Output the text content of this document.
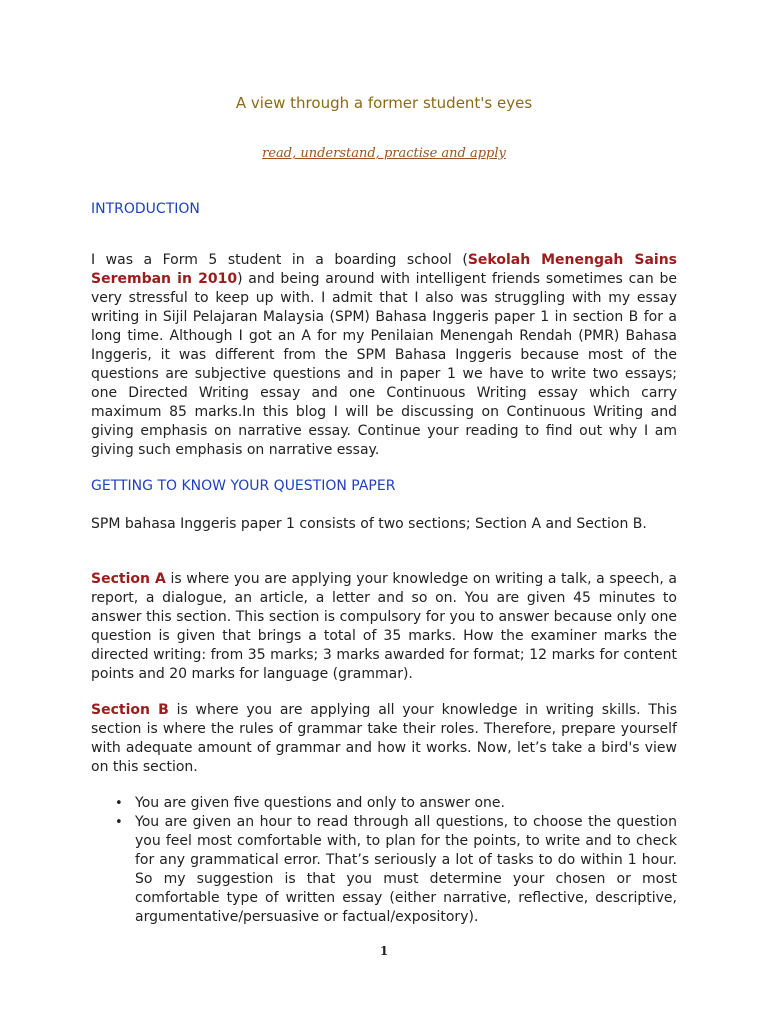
A view through a former student's eyes
read, understand, practise and apply
INTRODUCTION

I was a Form 5 student in a boarding school (Sekolah Menengah Sains Seremban in 2010) and being around with intelligent friends sometimes can be very stressful to keep up with. I admit that I also was struggling with my essay writing in Sijil Pelajaran Malaysia (SPM) Bahasa Inggeris paper 1 in section B for a long time. Although I got an A for my Penilaian Menengah Rendah (PMR) Bahasa Inggeris, it was different from the SPM Bahasa Inggeris because most of the questions are subjective questions and in paper 1 we have to write two essays; one Directed Writing essay and one Continuous Writing essay which carry maximum 85 marks.In this blog I will be discussing on Continuous Writing and giving emphasis on narrative essay. Continue your reading to find out why I am giving such emphasis on narrative essay.

GETTING TO KNOW YOUR QUESTION PAPER

SPM bahasa Inggeris paper 1 consists of two sections; Section A and Section B.

Section A is where you are applying your knowledge on writing a talk, a speech, a report, a dialogue, an article, a letter and so on. You are given 45 minutes to answer this section. This section is compulsory for you to answer because only one question is given that brings a total of 35 marks. How the examiner marks the directed writing: from 35 marks; 3 marks awarded for format; 12 marks for content points and 20 marks for language (grammar).

Section B is where you are applying all your knowledge in writing skills. This section is where the rules of grammar take their roles. Therefore, prepare yourself with adequate amount of grammar and how it works. Now, let’s take a bird's view on this section.

• You are given five questions and only to answer one.
• You are given an hour to read through all questions, to choose the question you feel most comfortable with, to plan for the points, to write and to check for any grammatical error. That’s seriously a lot of tasks to do within 1 hour. So my suggestion is that you must determine your chosen or most comfortable type of written essay (either narrative, reflective, descriptive, argumentative/persuasive or factual/expository).
1
